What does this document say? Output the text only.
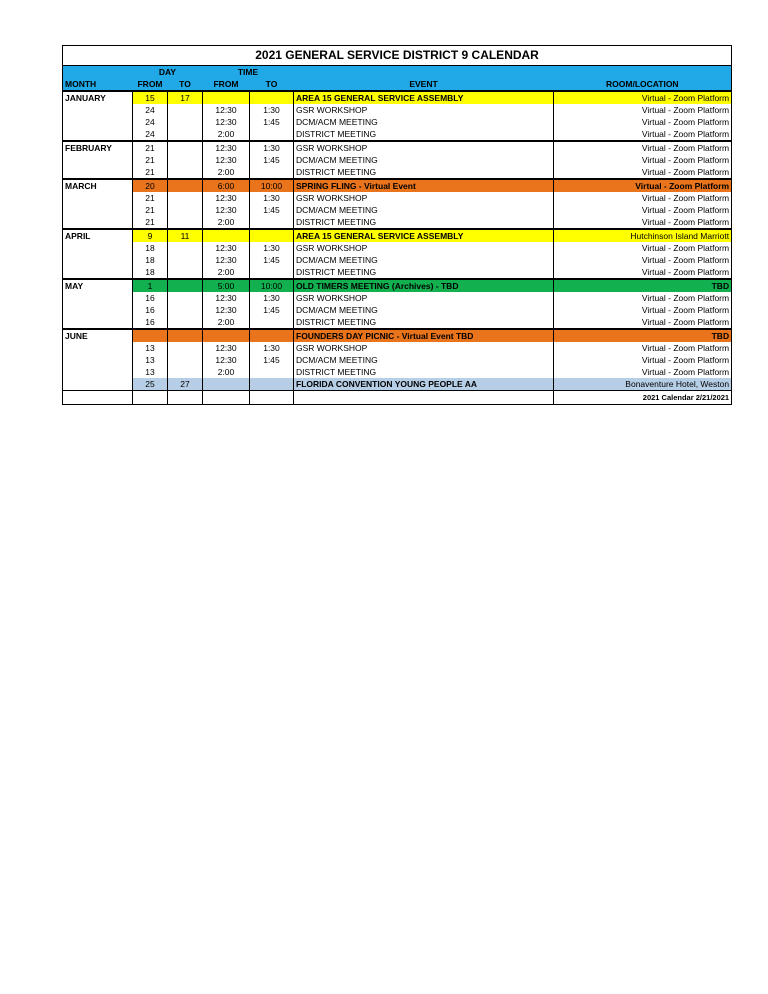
2021 GENERAL SERVICE DISTRICT 9 CALENDAR						
	DAY		TIME			
MONTH	FROM	TO	FROM	TO	EVENT	ROOM/LOCATION
JANUARY	15	17			AREA 15 GENERAL SERVICE ASSEMBLY	Virtual - Zoom Platform
	24		12:30	1:30	GSR WORKSHOP	Virtual - Zoom Platform
	24		12:30	1:45	DCM/ACM MEETING	Virtual - Zoom Platform
	24		2:00		DISTRICT MEETING	Virtual - Zoom Platform
FEBRUARY	21		12:30	1:30	GSR WORKSHOP	Virtual - Zoom Platform
	21		12:30	1:45	DCM/ACM MEETING	Virtual - Zoom Platform
	21		2:00		DISTRICT MEETING	Virtual - Zoom Platform
MARCH	20		6:00	10:00	SPRING FLING - Virtual Event	Virtual - Zoom Platform
	21		12:30	1:30	GSR WORKSHOP	Virtual - Zoom Platform
	21		12:30	1:45	DCM/ACM MEETING	Virtual - Zoom Platform
	21		2:00		DISTRICT MEETING	Virtual - Zoom Platform
APRIL	9	11			AREA 15 GENERAL SERVICE ASSEMBLY	Hutchinson Island Marriott
	18		12:30	1:30	GSR WORKSHOP	Virtual - Zoom Platform
	18		12:30	1:45	DCM/ACM MEETING	Virtual - Zoom Platform
	18		2:00		DISTRICT MEETING	Virtual - Zoom Platform
MAY	1		5:00	10:00	OLD TIMERS MEETING (Archives) - TBD	TBD
	16		12:30	1:30	GSR WORKSHOP	Virtual - Zoom Platform
	16		12:30	1:45	DCM/ACM MEETING	Virtual - Zoom Platform
	16		2:00		DISTRICT MEETING	Virtual - Zoom Platform
JUNE					FOUNDERS DAY PICNIC - Virtual Event TBD	TBD
	13		12:30	1:30	GSR WORKSHOP	Virtual - Zoom Platform
	13		12:30	1:45	DCM/ACM MEETING	Virtual - Zoom Platform
	13		2:00		DISTRICT MEETING	Virtual - Zoom Platform
	25	27			FLORIDA CONVENTION YOUNG PEOPLE AA	Bonaventure Hotel, Weston
						2021 Calendar 2/21/2021
